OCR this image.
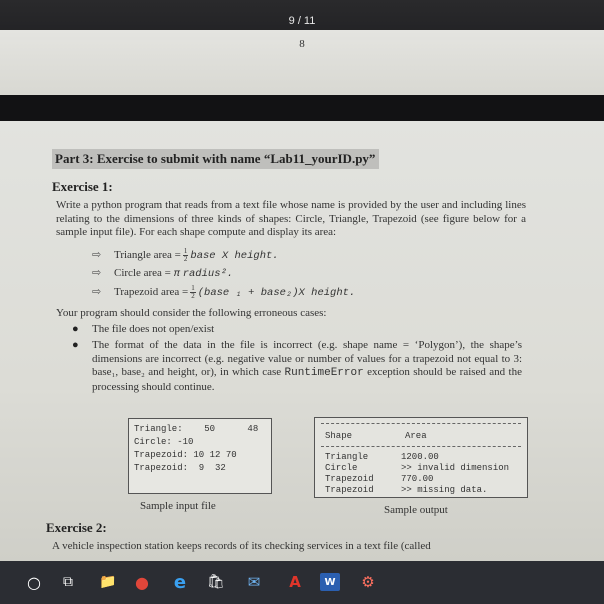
9 / 11
8
Part 3: Exercise to submit with name “Lab11_yourID.py”
Exercise 1:
Write a python program that reads from a text file whose name is provided by the user and including lines relating to the dimensions of three kinds of shapes: Circle, Triangle, Trapezoid (see figure below for a sample input file). For each shape compute and display its area:
⇨ Triangle area = $\frac{1}{2}$ base X height.
⇨ Circle area = π radius².
⇨ Trapezoid area = $\frac{1}{2}$ (base ₁ + base₂)X height.
Your program should consider the following erroneous cases:
● The file does not open/exist
● The format of the data in the file is incorrect (e.g. shape name = ‘Polygon’), the shape’s dimensions are incorrect (e.g. negative value or number of values for a trapezoid not equal to 3: base₁, base₂ and height, or), in which case RuntimeError exception should be raised and the processing should continue.
Triangle:    50      48
Circle: -10
Trapezoid: 10 12 70
Trapezoid:  9  32
Sample input file
Shape	Area
Triangle	1200.00
Circle	>> invalid dimension
Trapezoid	770.00
Trapezoid	>> missing data.
Sample output
Exercise 2:
A vehicle inspection station keeps records of its checking services in a text file (called
○	⧉	📁	●	e	🛍	✉	A	W	⚙
